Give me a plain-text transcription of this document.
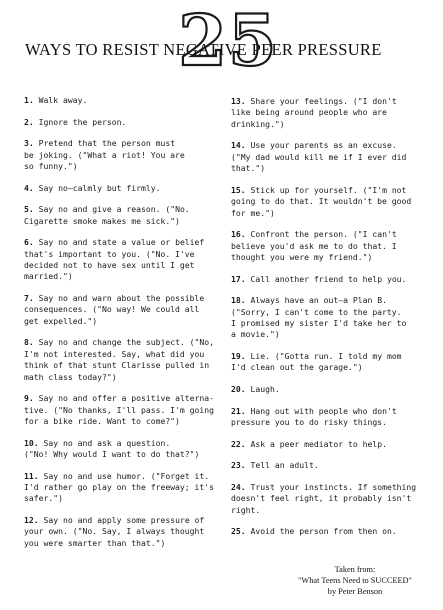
25
WAYS TO RESIST NEGATIVE PEER PRESSURE
1. Walk away.
2. Ignore the person.
3. Pretend that the person must
be joking. ("What a riot! You are
so funny.")
4. Say no—calmly but firmly.
5. Say no and give a reason. ("No.
Cigarette smoke makes me sick.")
6. Say no and state a value or belief
that's important to you. ("No. I've
decided not to have sex until I get
married.")
7. Say no and warn about the possible
consequences. ("No way! We could all
get expelled.")
8. Say no and change the subject. ("No,
I'm not interested. Say, what did you
think of that stunt Clarisse pulled in
math class today?")
9. Say no and offer a positive alterna-
tive. ("No thanks, I'll pass. I'm going
for a bike ride. Want to come?")
10. Say no and ask a question.
("No! Why would I want to do that?")
11. Say no and use humor. ("Forget it.
I'd rather go play on the freeway; it's
safer.")
12. Say no and apply some pressure of
your own. ("No. Say, I always thought
you were smarter than that.")
13. Share your feelings. ("I don't
like being around people who are
drinking.")
14. Use your parents as an excuse.
("My dad would kill me if I ever did
that.")
15. Stick up for yourself. ("I'm not
going to do that. It wouldn't be good
for me.")
16. Confront the person. ("I can't
believe you'd ask me to do that. I
thought you were my friend.")
17. Call another friend to help you.
18. Always have an out—a Plan B.
("Sorry, I can't come to the party.
I promised my sister I'd take her to
a movie.")
19. Lie. ("Gotta run. I told my mom
I'd clean out the garage.")
20. Laugh.
21. Hang out with people who don't
pressure you to do risky things.
22. Ask a peer mediator to help.
23. Tell an adult.
24. Trust your instincts. If something
doesn't feel right, it probably isn't right.
25. Avoid the person from then on.
Taken from:
"What Teens Need to SUCCEED"
by Peter Benson
